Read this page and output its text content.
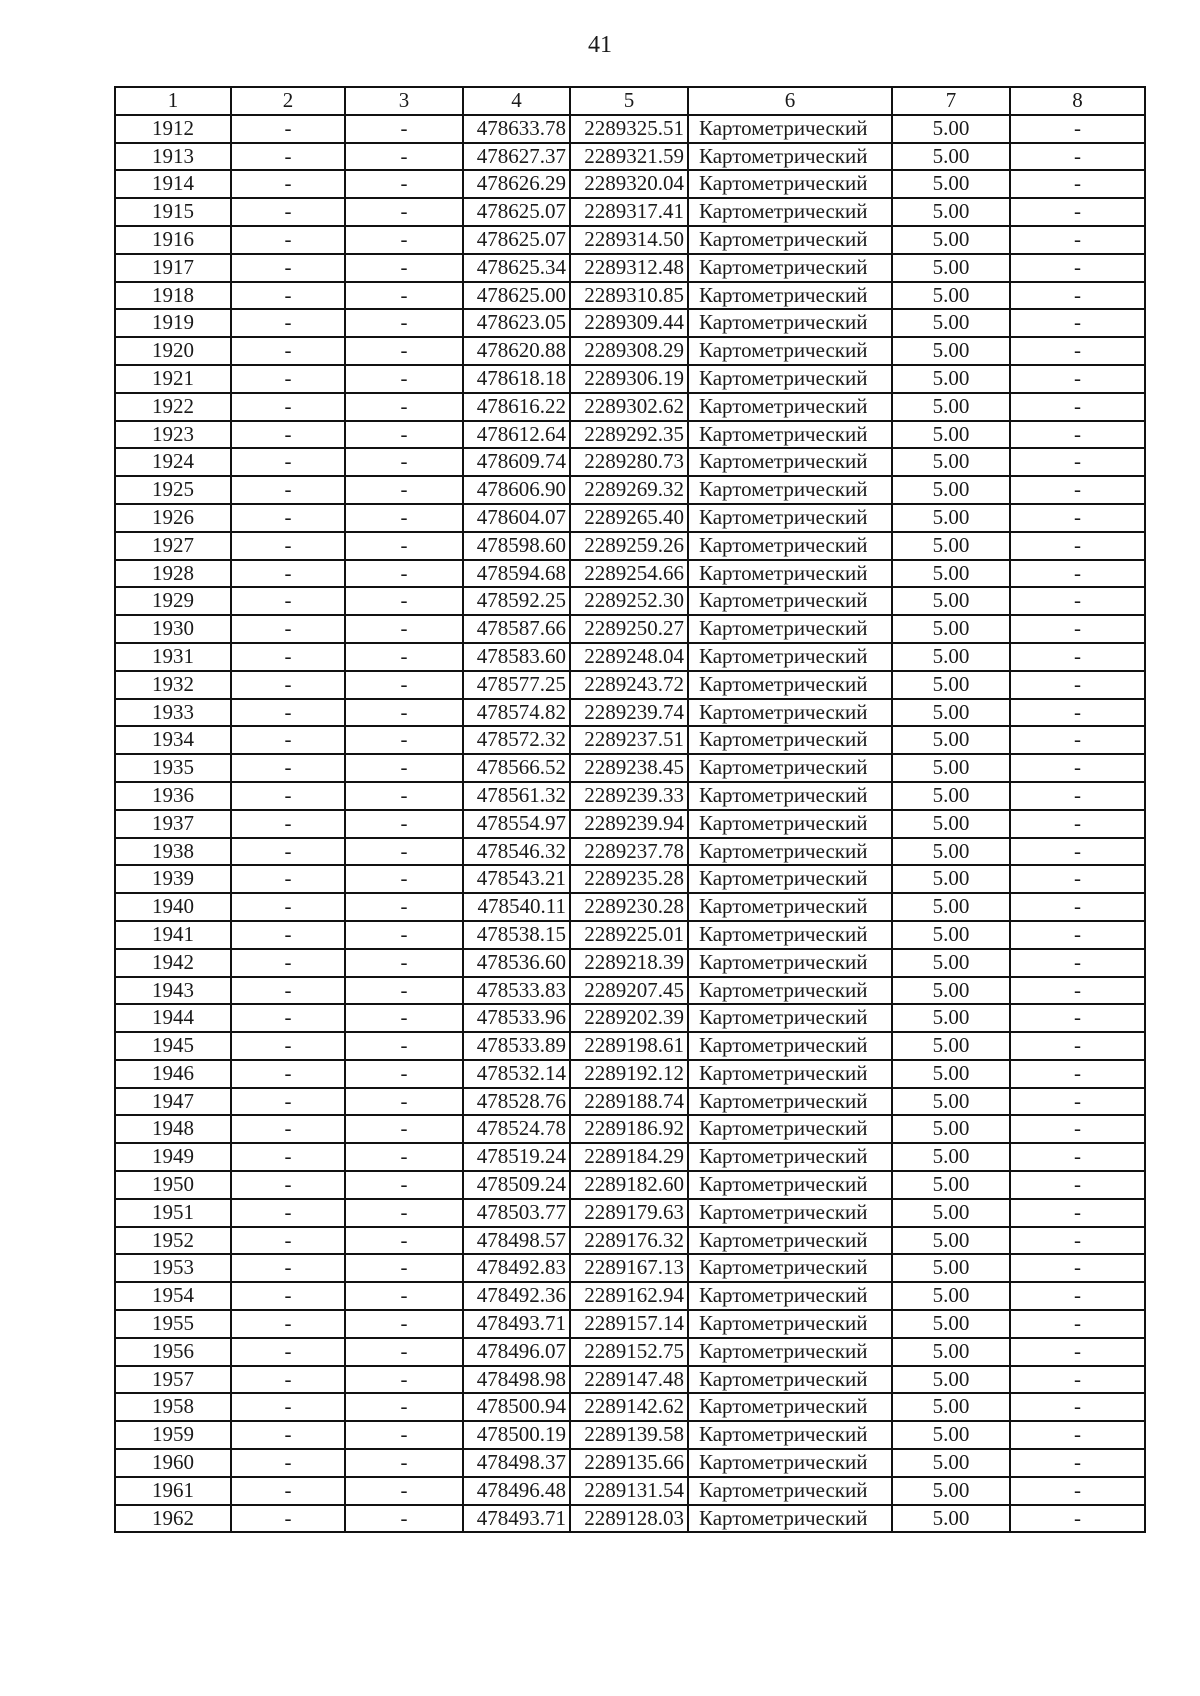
41
1	2	3	4	5	6	7	8
1912	-	-	478633.78	2289325.51	Картометрический	5.00	-
1913	-	-	478627.37	2289321.59	Картометрический	5.00	-
1914	-	-	478626.29	2289320.04	Картометрический	5.00	-
1915	-	-	478625.07	2289317.41	Картометрический	5.00	-
1916	-	-	478625.07	2289314.50	Картометрический	5.00	-
1917	-	-	478625.34	2289312.48	Картометрический	5.00	-
1918	-	-	478625.00	2289310.85	Картометрический	5.00	-
1919	-	-	478623.05	2289309.44	Картометрический	5.00	-
1920	-	-	478620.88	2289308.29	Картометрический	5.00	-
1921	-	-	478618.18	2289306.19	Картометрический	5.00	-
1922	-	-	478616.22	2289302.62	Картометрический	5.00	-
1923	-	-	478612.64	2289292.35	Картометрический	5.00	-
1924	-	-	478609.74	2289280.73	Картометрический	5.00	-
1925	-	-	478606.90	2289269.32	Картометрический	5.00	-
1926	-	-	478604.07	2289265.40	Картометрический	5.00	-
1927	-	-	478598.60	2289259.26	Картометрический	5.00	-
1928	-	-	478594.68	2289254.66	Картометрический	5.00	-
1929	-	-	478592.25	2289252.30	Картометрический	5.00	-
1930	-	-	478587.66	2289250.27	Картометрический	5.00	-
1931	-	-	478583.60	2289248.04	Картометрический	5.00	-
1932	-	-	478577.25	2289243.72	Картометрический	5.00	-
1933	-	-	478574.82	2289239.74	Картометрический	5.00	-
1934	-	-	478572.32	2289237.51	Картометрический	5.00	-
1935	-	-	478566.52	2289238.45	Картометрический	5.00	-
1936	-	-	478561.32	2289239.33	Картометрический	5.00	-
1937	-	-	478554.97	2289239.94	Картометрический	5.00	-
1938	-	-	478546.32	2289237.78	Картометрический	5.00	-
1939	-	-	478543.21	2289235.28	Картометрический	5.00	-
1940	-	-	478540.11	2289230.28	Картометрический	5.00	-
1941	-	-	478538.15	2289225.01	Картометрический	5.00	-
1942	-	-	478536.60	2289218.39	Картометрический	5.00	-
1943	-	-	478533.83	2289207.45	Картометрический	5.00	-
1944	-	-	478533.96	2289202.39	Картометрический	5.00	-
1945	-	-	478533.89	2289198.61	Картометрический	5.00	-
1946	-	-	478532.14	2289192.12	Картометрический	5.00	-
1947	-	-	478528.76	2289188.74	Картометрический	5.00	-
1948	-	-	478524.78	2289186.92	Картометрический	5.00	-
1949	-	-	478519.24	2289184.29	Картометрический	5.00	-
1950	-	-	478509.24	2289182.60	Картометрический	5.00	-
1951	-	-	478503.77	2289179.63	Картометрический	5.00	-
1952	-	-	478498.57	2289176.32	Картометрический	5.00	-
1953	-	-	478492.83	2289167.13	Картометрический	5.00	-
1954	-	-	478492.36	2289162.94	Картометрический	5.00	-
1955	-	-	478493.71	2289157.14	Картометрический	5.00	-
1956	-	-	478496.07	2289152.75	Картометрический	5.00	-
1957	-	-	478498.98	2289147.48	Картометрический	5.00	-
1958	-	-	478500.94	2289142.62	Картометрический	5.00	-
1959	-	-	478500.19	2289139.58	Картометрический	5.00	-
1960	-	-	478498.37	2289135.66	Картометрический	5.00	-
1961	-	-	478496.48	2289131.54	Картометрический	5.00	-
1962	-	-	478493.71	2289128.03	Картометрический	5.00	-
